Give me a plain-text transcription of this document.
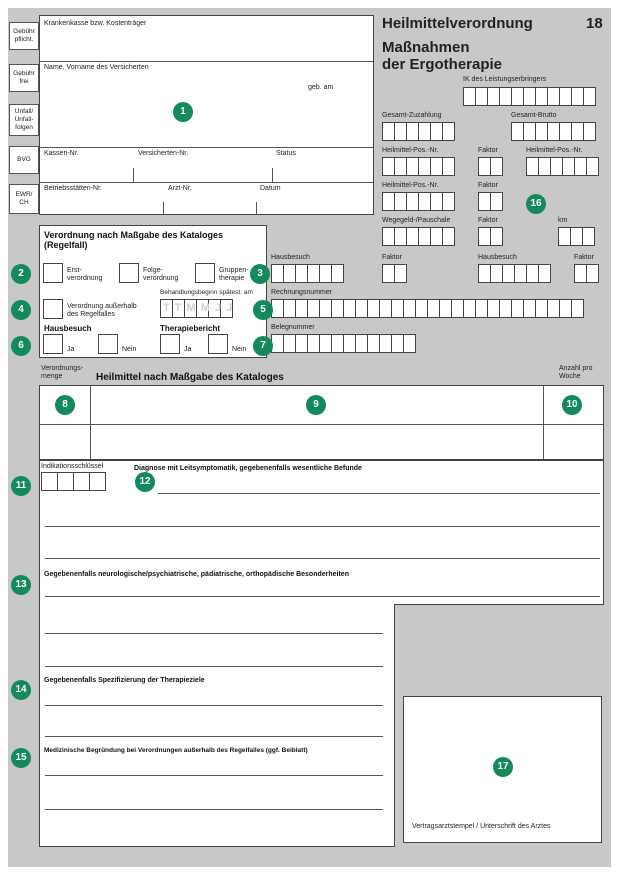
Gebühr pflicht.
Gebühr frei
Unfall/ Unfall- folgen
BVG
EWR/ CH
Krankenkasse bzw. Kostenträger
Name, Vorname des Versicherten
geb. am
1
Kassen-Nr.	Versicherten-Nr.	Status
Betriebsstätten-Nr.	Arzt-Nr.	Datum
Heilmittelverordnung	18
Maßnahmen
der Ergotherapie
IK des Leistungserbringers
Gesamt-Zuzahlung	Gesamt-Brutto
Heilmittel-Pos.-Nr.	Faktor	Heilmittel-Pos.-Nr.
Heilmittel-Pos.-Nr.	Faktor
16
Wegegeld-/Pauschale	Faktor	km
Hausbesuch	Faktor	Hausbesuch	Faktor
Rechnungsnummer
Belegnummer
Verordnung nach Maßgabe des Kataloges
(Regelfall)
Erst-
verordnung
Folge-
verordnung
Gruppen-
therapie
Behandlungsbeginn spätest. am
Verordnung außerhalb
des Regelfalles
T T M M J J
Hausbesuch	Therapiebericht
Ja	Nein	Ja	Nein
2	3
4	5
6	7
Verordnungs-
menge	Heilmittel nach Maßgabe des Kataloges
Anzahl pro
Woche
8	9	10
Indikationsschlüssel	Diagnose mit Leitsymptomatik, gegebenenfalls wesentliche Befunde
12
Gegebenenfalls neurologische/psychiatrische, pädiatrische, orthopädische Besonderheiten
Gegebenenfalls Spezifizierung der Therapieziele
Medizinische Begründung bei Verordnungen außerhalb des Regelfalles (ggf. Beiblatt)
11
13
14
15
17
Vertragsarztstempel / Unterschrift des Arztes
